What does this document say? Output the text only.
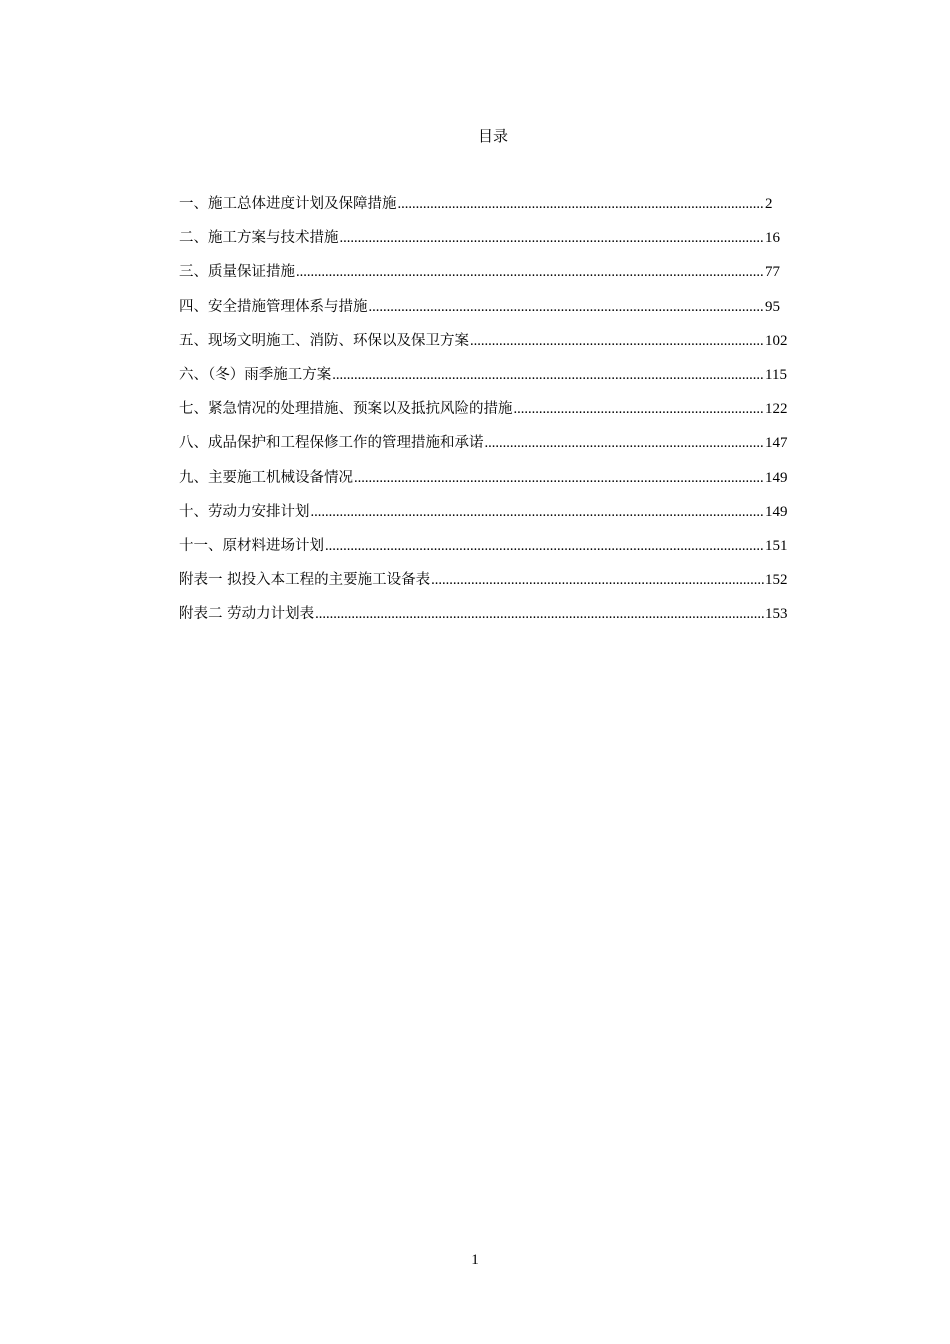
目录
一、施工总体进度计划及保障措施 .....	2
二、施工方案与技术措施 .....	16
三、质量保证措施 .....	77
四、安全措施管理体系与措施 .....	95
五、现场文明施工、消防、环保以及保卫方案 .....	102
六、（冬）雨季施工方案 .....	115
七、紧急情况的处理措施、预案以及抵抗风险的措施 .....	122
八、成品保护和工程保修工作的管理措施和承诺 .....	147
九、主要施工机械设备情况 .....	149
十、劳动力安排计划 .....	149
十一、原材料进场计划 .....	151
附表一 拟投入本工程的主要施工设备表 .....	152
附表二 劳动力计划表 .....	153
1
